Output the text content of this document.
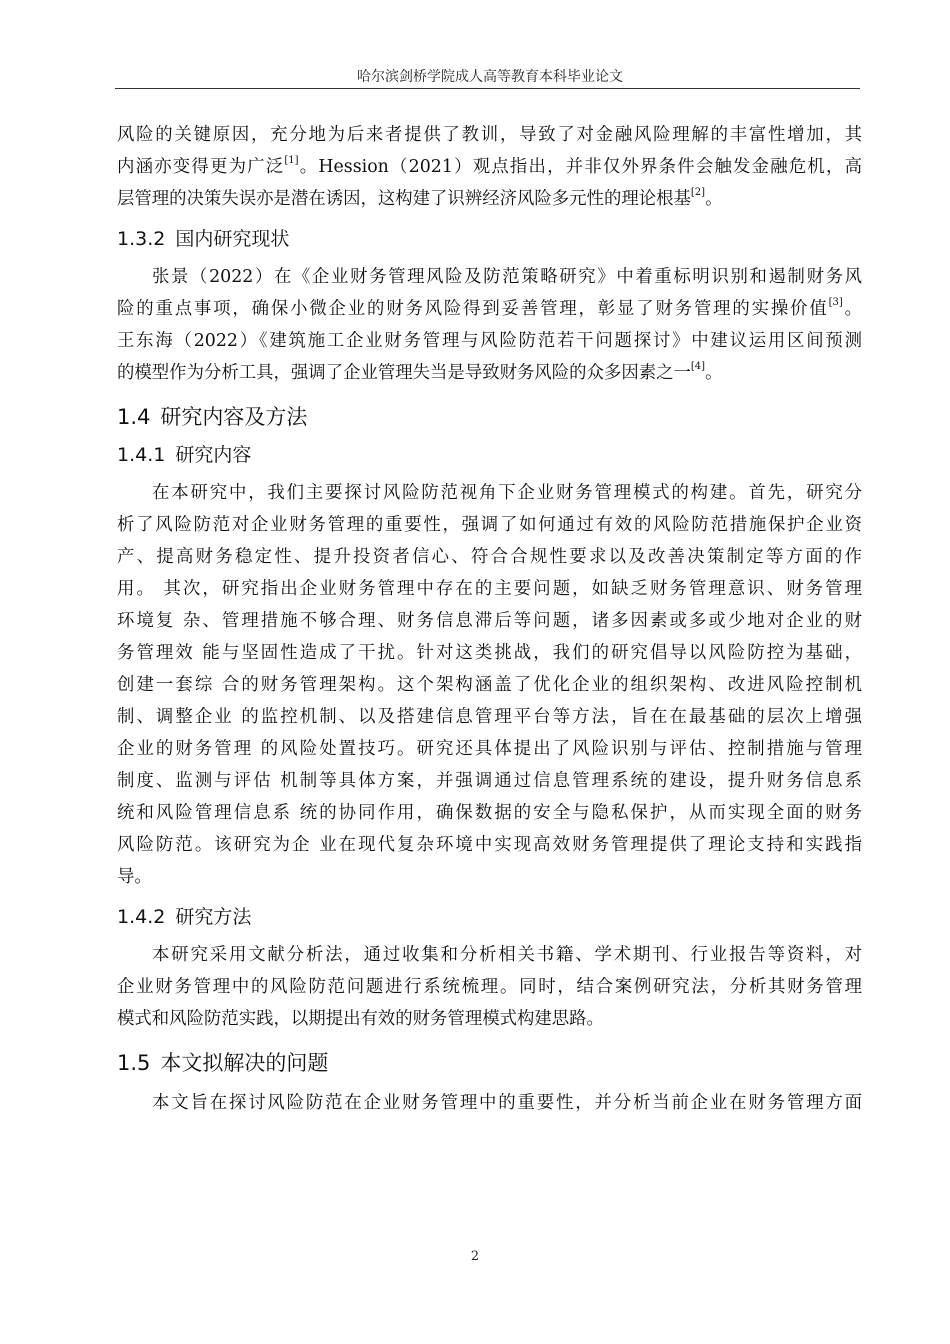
哈尔滨剑桥学院成人高等教育本科毕业论文

风险的关键原因，充分地为后来者提供了教训，导致了对金融风险理解的丰富性增加，其

内涵亦变得更为广泛[1]。Hession（2021）观点指出，并非仅外界条件会触发金融危机，高

层管理的决策失误亦是潜在诱因，这构建了识辨经济风险多元性的理论根基[2]。

1.3.2 国内研究现状

张景（2022）在《企业财务管理风险及防范策略研究》中着重标明识别和遏制财务风

险的重点事项，确保小微企业的财务风险得到妥善管理，彰显了财务管理的实操价值[3]。

王东海（2022）《建筑施工企业财务管理与风险防范若干问题探讨》中建议运用区间预测

的模型作为分析工具，强调了企业管理失当是导致财务风险的众多因素之一[4]。

1.4 研究内容及方法
1.4.1 研究内容

在本研究中，我们主要探讨风险防范视角下企业财务管理模式的构建。首先，研究分

析了风险防范对企业财务管理的重要性，强调了如何通过有效的风险防范措施保护企业资

产、提高财务稳定性、提升投资者信心、符合合规性要求以及改善决策制定等方面的作

用。 其次，研究指出企业财务管理中存在的主要问题，如缺乏财务管理意识、财务管理

环境复 杂、管理措施不够合理、财务信息滞后等问题，诸多因素或多或少地对企业的财

务管理效 能与坚固性造成了干扰。针对这类挑战，我们的研究倡导以风险防控为基础，

创建一套综 合的财务管理架构。这个架构涵盖了优化企业的组织架构、改进风险控制机

制、调整企业 的监控机制、以及搭建信息管理平台等方法，旨在在最基础的层次上增强

企业的财务管理 的风险处置技巧。研究还具体提出了风险识别与评估、控制措施与管理

制度、监测与评估 机制等具体方案，并强调通过信息管理系统的建设，提升财务信息系

统和风险管理信息系 统的协同作用，确保数据的安全与隐私保护，从而实现全面的财务

风险防范。该研究为企 业在现代复杂环境中实现高效财务管理提供了理论支持和实践指

导。

1.4.2 研究方法

本研究采用文献分析法，通过收集和分析相关书籍、学术期刊、行业报告等资料，对

企业财务管理中的风险防范问题进行系统梳理。同时，结合案例研究法，分析其财务管理

模式和风险防范实践，以期提出有效的财务管理模式构建思路。

1.5 本文拟解决的问题

本文旨在探讨风险防范在企业财务管理中的重要性，并分析当前企业在财务管理方面

2
